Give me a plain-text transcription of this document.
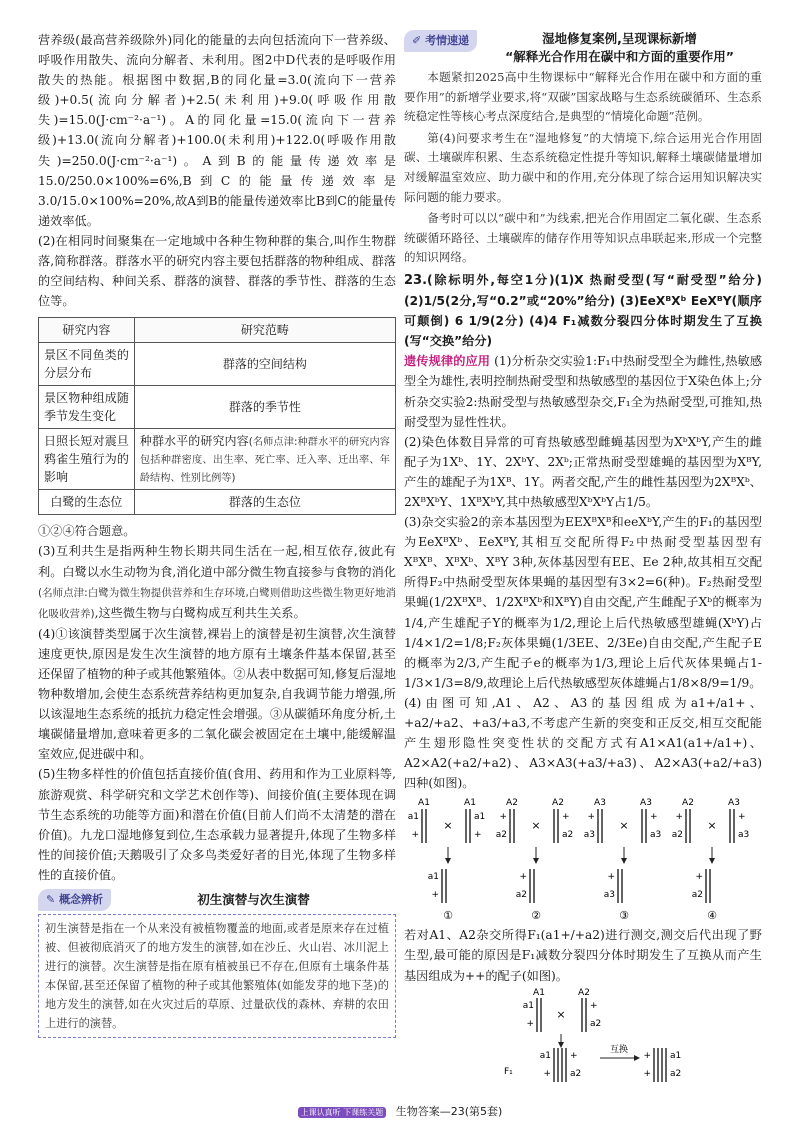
营养级(最高营养级除外)同化的能量的去向包括流向下一营养级、呼吸作用散失、流向分解者、未利用。图2中D代表的是呼吸作用散失的热能。根据图中数据,B的同化量=3.0(流向下一营养级)+0.5(流向分解者)+2.5(未利用)+9.0(呼吸作用散失)=15.0(J·cm⁻²·a⁻¹)。A的同化量=15.0(流向下一营养级)+13.0(流向分解者)+100.0(未利用)+122.0(呼吸作用散失)=250.0(J·cm⁻²·a⁻¹)。A到B的能量传递效率是15.0/250.0×100%=6%,B到C的能量传递效率是3.0/15.0×100%=20%,故A到B的能量传递效率比B到C的能量传递效率低。

(2)在相同时间聚集在一定地域中各种生物种群的集合,叫作生物群落,简称群落。群落水平的研究内容主要包括群落的物种组成、群落的空间结构、种间关系、群落的演替、群落的季节性、群落的生态位等。

研究内容	研究范畴
景区不同鱼类的分层分布	群落的空间结构
景区物种组成随季节发生变化	群落的季节性
日照长短对震旦鸦雀生殖行为的影响	种群水平的研究内容(名师点津:种群水平的研究内容包括种群密度、出生率、死亡率、迁入率、迁出率、年龄结构、性别比例等)
白鹭的生态位	群落的生态位

①②④符合题意。

(3)互利共生是指两种生物长期共同生活在一起,相互依存,彼此有利。白鹭以水生动物为食,消化道中部分微生物直接参与食物的消化(名师点津:白鹭为微生物提供营养和生存环境,白鹭则借助这些微生物更好地消化吸收营养),这些微生物与白鹭构成互利共生关系。

(4)①该演替类型属于次生演替,裸岩上的演替是初生演替,次生演替速度更快,原因是发生次生演替的地方原有土壤条件基本保留,甚至还保留了植物的种子或其他繁殖体。②从表中数据可知,修复后湿地物种数增加,会使生态系统营养结构更加复杂,自我调节能力增强,所以该湿地生态系统的抵抗力稳定性会增强。③从碳循环角度分析,土壤碳储量增加,意味着更多的二氧化碳会被固定在土壤中,能缓解温室效应,促进碳中和。

(5)生物多样性的价值包括直接价值(食用、药用和作为工业原料等,旅游观赏、科学研究和文学艺术创作等)、间接价值(主要体现在调节生态系统的功能等方面)和潜在价值(目前人们尚不太清楚的潜在价值)。九龙口湿地修复到位,生态承载力显著提升,体现了生物多样性的间接价值;天鹅吸引了众多鸟类爱好者的目光,体现了生物多样性的直接价值。

✎ 概念辨析	初生演替与次生演替
初生演替是指在一个从来没有被植物覆盖的地面,或者是原来存在过植被、但被彻底消灭了的地方发生的演替,如在沙丘、火山岩、冰川泥上进行的演替。次生演替是指在原有植被虽已不存在,但原有土壤条件基本保留,甚至还保留了植物的种子或其他繁殖体(如能发芽的地下茎)的地方发生的演替,如在火灾过后的草原、过量砍伐的森林、弃耕的农田上进行的演替。
✐ 考情速递	湿地修复案例,呈现课标新增
“解释光合作用在碳中和方面的重要作用”

本题紧扣2025高中生物课标中“解释光合作用在碳中和方面的重要作用”的新增学业要求,将“双碳”国家战略与生态系统碳循环、生态系统稳定性等核心考点深度结合,是典型的“情境化命题”范例。

第(4)问要求考生在“湿地修复”的大情境下,综合运用光合作用固碳、土壤碳库积累、生态系统稳定性提升等知识,解释土壤碳储量增加对缓解温室效应、助力碳中和的作用,充分体现了综合运用知识解决实际问题的能力要求。

备考时可以以“碳中和”为线索,把光合作用固定二氧化碳、生态系统碳循环路径、土壤碳库的储存作用等知识点串联起来,形成一个完整的知识网络。

23.(除标明外,每空1分)(1)X 热耐受型(写“耐受型”给分) (2)1/5(2分,写“0.2”或“20%”给分) (3)EeXᴮXᵇ EeXᴮY(顺序可颠倒) 6 1/9(2分) (4)4 F₁减数分裂四分体时期发生了互换(写“交换”给分)

遗传规律的应用 (1)分析杂交实验1:F₁中热耐受型全为雌性,热敏感型全为雄性,表明控制热耐受型和热敏感型的基因位于X染色体上;分析杂交实验2:热耐受型与热敏感型杂交,F₁全为热耐受型,可推知,热耐受型为显性性状。

(2)染色体数目异常的可育热敏感型雌蝇基因型为XᵇXᵇY,产生的雌配子为1Xᵇ、1Y、2XᵇY、2Xᵇ;正常热耐受型雄蝇的基因型为XᴮY,产生的雄配子为1Xᴮ、1Y。两者交配,产生的雌性基因型为2XᴮXᵇ、2XᴮXᵇY、1XᴮXᵇY,其中热敏感型XᵇXᵇY占1/5。

(3)杂交实验2的亲本基因型为EEXᴮXᴮ和eeXᵇY,产生的F₁的基因型为EeXᴮXᵇ、EeXᴮY,其相互交配所得F₂中热耐受型基因型有XᴮXᴮ、XᴮXᵇ、XᴮY 3种,灰体基因型有EE、Ee 2种,故其相互交配所得F₂中热耐受型灰体果蝇的基因型有3×2=6(种)。F₂热耐受型果蝇(1/2XᴮXᴮ、1/2XᴮXᵇ和XᴮY)自由交配,产生雌配子Xᵇ的概率为1/4,产生雄配子Y的概率为1/2,理论上后代热敏感型雄蝇(XᵇY)占1/4×1/2=1/8;F₂灰体果蝇(1/3EE、2/3Ee)自由交配,产生配子E的概率为2/3,产生配子e的概率为1/3,理论上后代灰体果蝇占1-1/3×1/3=8/9,故理论上后代热敏感型灰体雄蝇占1/8×8/9=1/9。

(4)由图可知,A1、A2、A3的基因组成为a1+/a1+、+a2/+a2、+a3/+a3,不考虑产生新的突变和正反交,相互交配能产生翅形隐性突变性状的交配方式有A1×A1(a1+/a1+)、A2×A2(+a2/+a2)、A3×A3(+a3/+a3)、A2×A3(+a2/+a3)四种(如图)。

A1	A1
a1
+
×
a1
+
a1
+
①
A2	A2
+
a2
×
+
a2
+
a2
②
A3	A3
+
a3
×
+
a3
+
a3
③
A2	A3
+
a2
×
+
a3
+
a2
④

若对A1、A2杂交所得F₁(a1+/+a2)进行测交,测交后代出现了野生型,最可能的原因是F₁减数分裂四分体时期发生了互换从而产生基因组成为++的配子(如图)。

A1	A2
a1
+
×
+
a2
F₁
a1
+
+
a2
互换
+
+
a1
a2
上课认真听 下课练关题 生物答案—23(第5套)
